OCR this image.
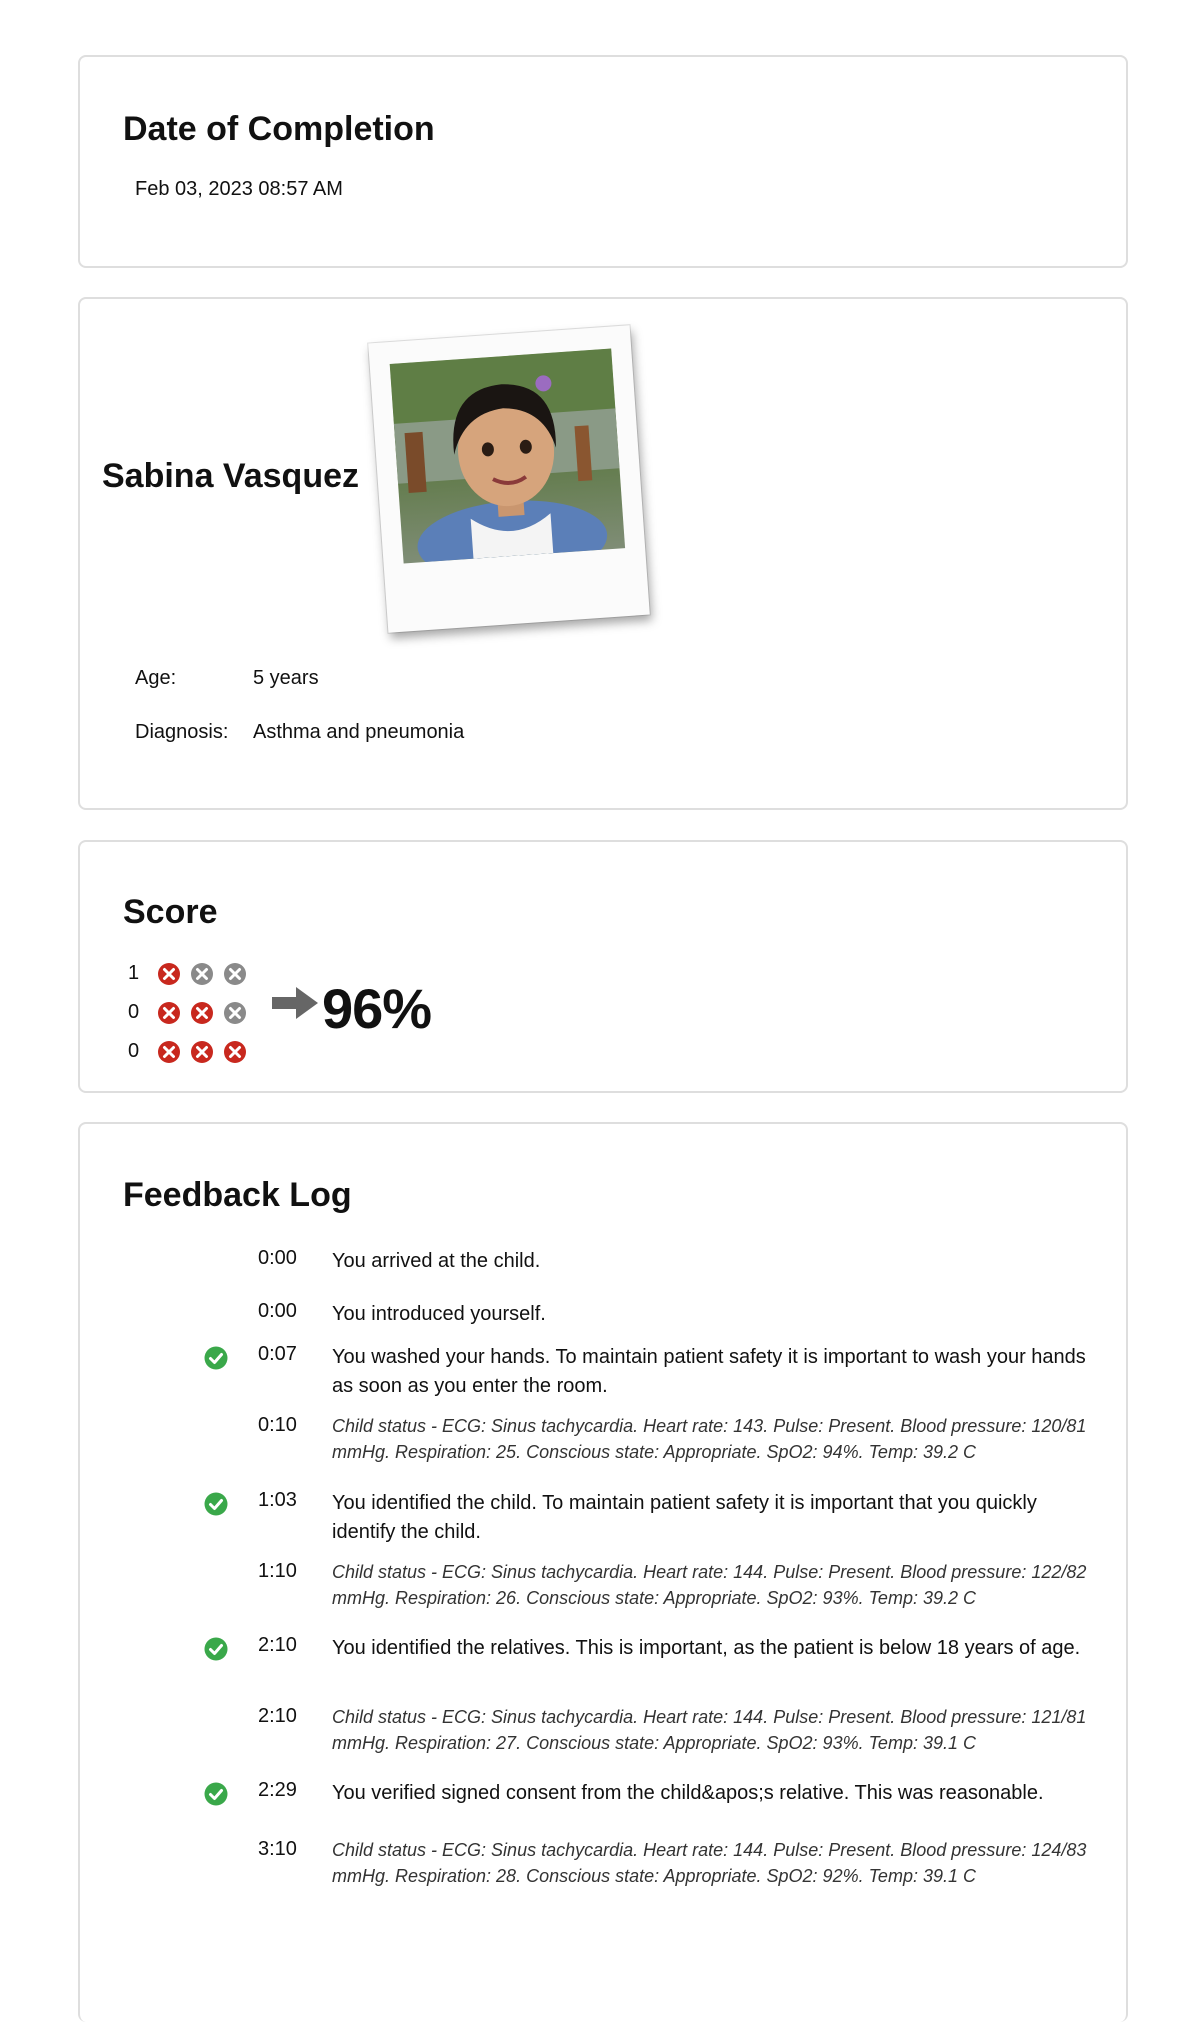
Date of Completion
Feb 03, 2023 08:57 AM
Sabina Vasquez
Age:	5 years
Diagnosis: Asthma and pneumonia
Score
1
0
0
96%
Feedback Log
0:00 You arrived at the child.
0:00 You introduced yourself.
0:07 You washed your hands. To maintain patient safety it is important to wash your hands as soon as you enter the room.
0:10 Child status - ECG: Sinus tachycardia. Heart rate: 143. Pulse: Present. Blood pressure: 120/81 mmHg. Respiration: 25. Conscious state: Appropriate. SpO2: 94%. Temp: 39.2 C
1:03 You identified the child. To maintain patient safety it is important that you quickly identify the child.
1:10 Child status - ECG: Sinus tachycardia. Heart rate: 144. Pulse: Present. Blood pressure: 122/82 mmHg. Respiration: 26. Conscious state: Appropriate. SpO2: 93%. Temp: 39.2 C
2:10 You identified the relatives. This is important, as the patient is below 18 years of age.
2:10 Child status - ECG: Sinus tachycardia. Heart rate: 144. Pulse: Present. Blood pressure: 121/81 mmHg. Respiration: 27. Conscious state: Appropriate. SpO2: 93%. Temp: 39.1 C
2:29 You verified signed consent from the child&apos;s relative. This was reasonable.
3:10 Child status - ECG: Sinus tachycardia. Heart rate: 144. Pulse: Present. Blood pressure: 124/83 mmHg. Respiration: 28. Conscious state: Appropriate. SpO2: 92%. Temp: 39.1 C
